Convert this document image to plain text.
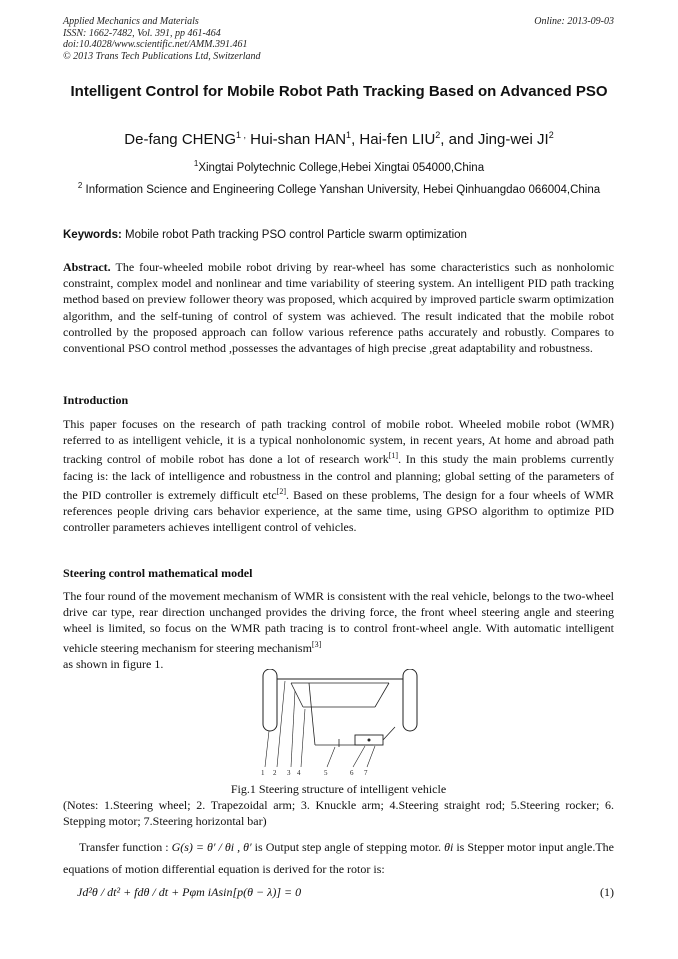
Applied Mechanics and Materials
ISSN: 1662-7482, Vol. 391, pp 461-464
doi:10.4028/www.scientific.net/AMM.391.461
© 2013 Trans Tech Publications Ltd, Switzerland
Online: 2013-09-03
Intelligent Control for Mobile Robot Path Tracking Based on Advanced PSO
De-fang $CHENG^{1 ,}$ Hui-shan HAN$^1$, Hai-fen LIU$^2$, and Jing-wei $JI^2$
$^1$Xingtai Polytechnic College,Hebei Xingtai 054000,China
$^2$ Information Science and Engineering College Yanshan University, Hebei Qinhuangdao 066004,China
Keywords: Mobile robot Path tracking PSO control Particle swarm optimization
Abstract. The four-wheeled mobile robot driving by rear-wheel has some characteristics such as nonholomic constraint, complex model and nonlinear and time variability of steering system. An intelligent PID path tracking method based on preview follower theory was proposed, which acquired by improved particle swarm optimization algorithm, and the self-tuning of control of system was achieved. The result indicated that the mobile robot controlled by the proposed approach can follow various reference paths accurately and robustly. Compares to conventional PSO control method ,possesses the advantages of high precise ,great adaptability and robustness.
Introduction
This paper focuses on the research of path tracking control of mobile robot. Wheeled mobile robot (WMR) referred to as intelligent vehicle, it is a typical nonholonomic system, in recent years, At home and abroad path tracking control of mobile robot has done a lot of research work[1]. In this study the main problems currently facing is: the lack of intelligence and robustness in the control and planning; global setting of the parameters of the PID controller is extremely difficult etc[2]. Based on these problems, The design for a four wheels of WMR references people driving cars behavior experience, at the same time, using GPSO algorithm to optimize PID controller parameters achieves intelligent control of vehicles.
Steering control mathematical model
The four round of the movement mechanism of WMR is consistent with the real vehicle, belongs to the two-wheel drive car type, rear direction unchanged provides the driving force, the front wheel steering angle and steering wheel is limited, so focus on the WMR path tracing is to control front-wheel angle. With automatic intelligent vehicle steering mechanism for steering mechanism[3]
as shown in figure 1.
1 2 3 4	5	6 7
Fig.1 Steering structure of intelligent vehicle
(Notes: 1.Steering wheel; 2. Trapezoidal arm; 3. Knuckle arm; 4.Steering straight rod; 5.Steering rocker; 6. Stepping motor; 7.Steering horizontal bar)
Transfer function : G(s) = θ′ / θi , θ′ is Output step angle of stepping motor. θi is Stepper motor input angle.The equations of motion differential equation is derived for the rotor is:
Jd²θ / dt² + fdθ / dt + Pφm iAsin[p(θ − λ)] = 0	(1)
